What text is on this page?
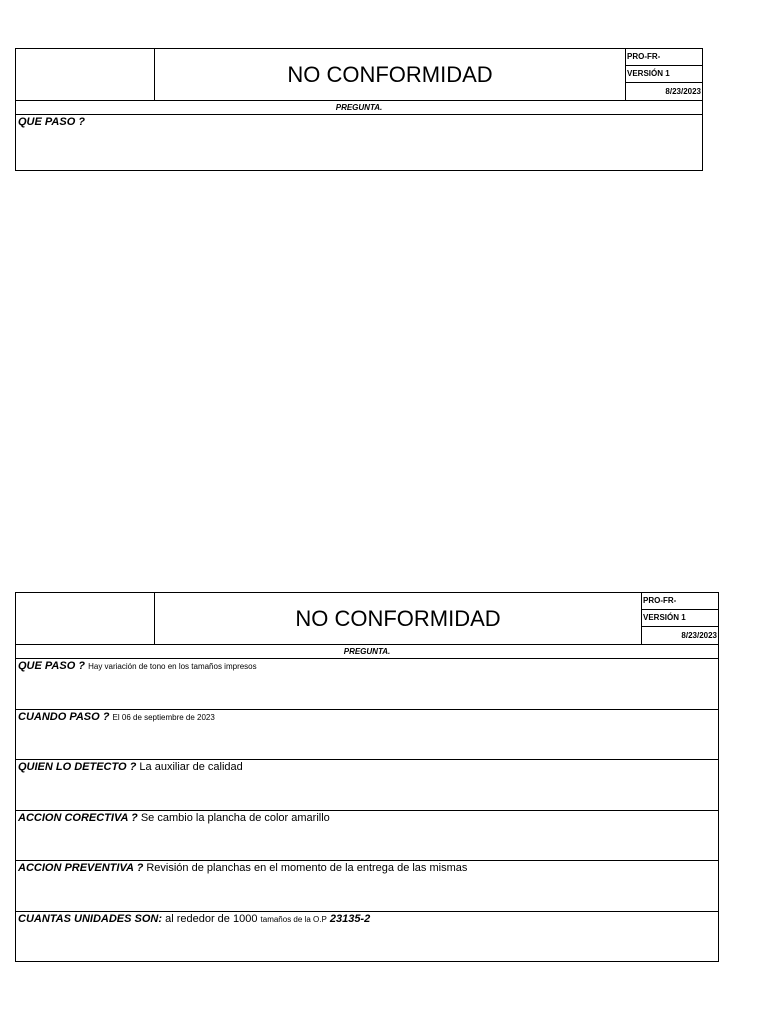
NO CONFORMIDAD
PRO-FR-
VERSIÓN 1
8/23/2023
PREGUNTA.
QUE PASO ?
NO CONFORMIDAD
PRO-FR-
VERSIÓN 1
8/23/2023
PREGUNTA.
QUE PASO ? Hay variación de tono en los tamaños impresos
CUANDO PASO ? El 06 de septiembre de 2023
QUIEN LO DETECTO ? La auxiliar de calidad
ACCION CORECTIVA ? Se cambio la plancha de color amarillo
ACCION PREVENTIVA ? Revisión de planchas en el momento de la entrega de las mismas
CUANTAS UNIDADES SON: al rededor de 1000 tamaños de la O.P 23135-2
